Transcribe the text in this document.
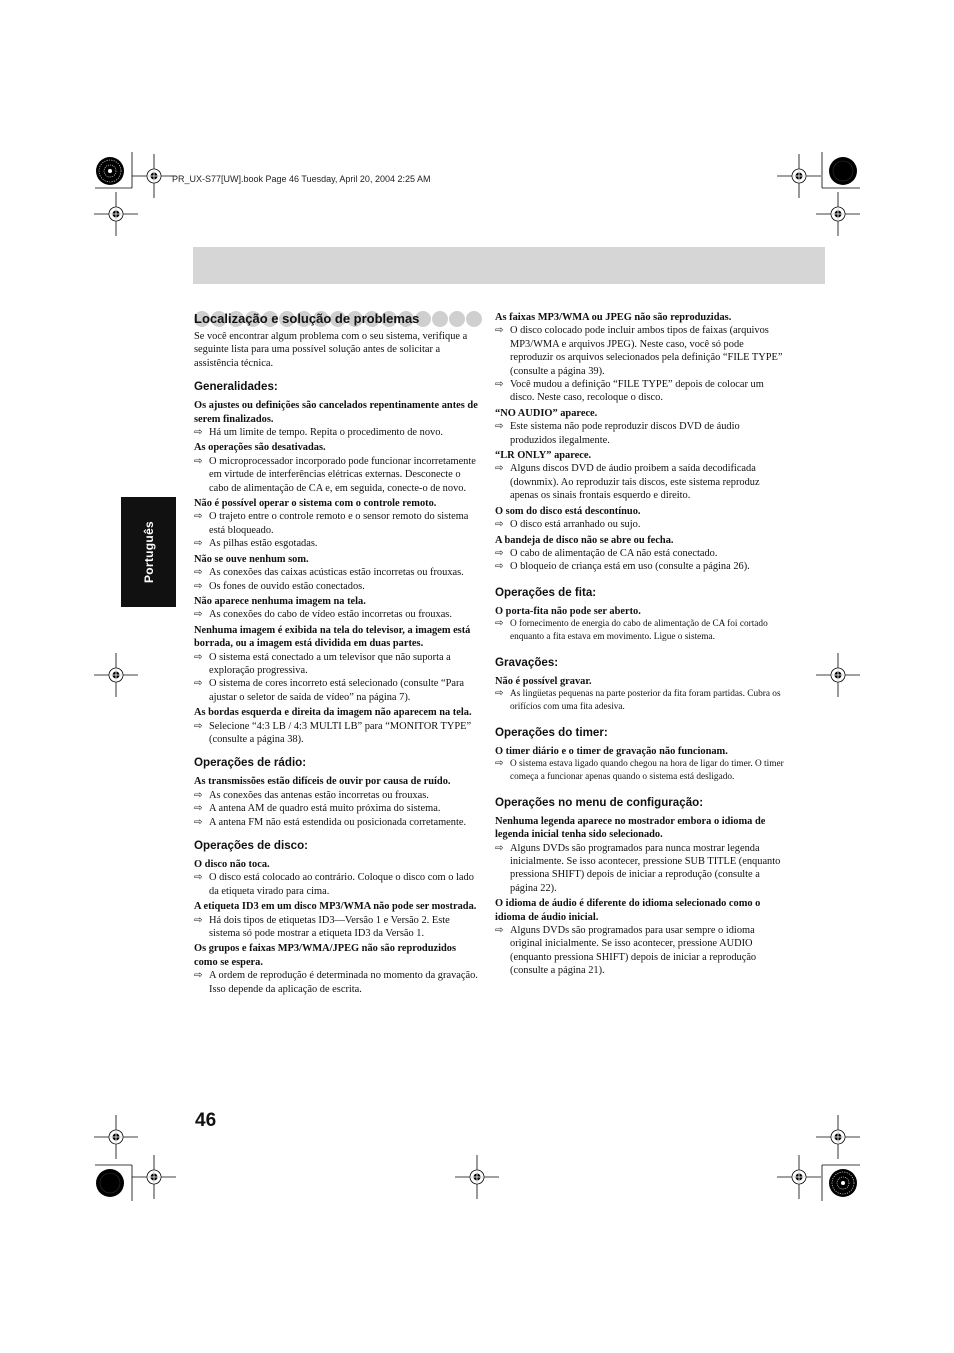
PR_UX-S77[UW].book Page 46 Tuesday, April 20, 2004 2:25 AM
Português
Localização e solução de problemas
Se você encontrar algum problema com o seu sistema, verifique a seguinte lista para uma possível solução antes de solicitar a assistência técnica.
Generalidades:
Os ajustes ou definições são cancelados repentinamente antes de serem finalizados.
⇨ Há um limite de tempo. Repita o procedimento de novo.
As operações são desativadas.
⇨ O microprocessador incorporado pode funcionar incorretamente em virtude de interferências elétricas externas. Desconecte o cabo de alimentação de CA e, em seguida, conecte-o de novo.
Não é possível operar o sistema com o controle remoto.
⇨ O trajeto entre o controle remoto e o sensor remoto do sistema está bloqueado.
⇨ As pilhas estão esgotadas.
Não se ouve nenhum som.
⇨ As conexões das caixas acústicas estão incorretas ou frouxas.
⇨ Os fones de ouvido estão conectados.
Não aparece nenhuma imagem na tela.
⇨ As conexões do cabo de vídeo estão incorretas ou frouxas.
Nenhuma imagem é exibida na tela do televisor, a imagem está borrada, ou a imagem está dividida em duas partes.
⇨ O sistema está conectado a um televisor que não suporta a exploração progressiva.
⇨ O sistema de cores incorreto está selecionado (consulte “Para ajustar o seletor de saída de vídeo” na página 7).
As bordas esquerda e direita da imagem não aparecem na tela.
⇨ Selecione “4:3 LB / 4:3 MULTI LB” para “MONITOR TYPE” (consulte a página 38).
Operações de rádio:
As transmissões estão difíceis de ouvir por causa de ruído.
⇨ As conexões das antenas estão incorretas ou frouxas.
⇨ A antena AM de quadro está muito próxima do sistema.
⇨ A antena FM não está estendida ou posicionada corretamente.
Operações de disco:
O disco não toca.
⇨ O disco está colocado ao contrário. Coloque o disco com o lado da etiqueta virado para cima.
A etiqueta ID3 em um disco MP3/WMA não pode ser mostrada.
⇨ Há dois tipos de etiquetas ID3—Versão 1 e Versão 2. Este sistema só pode mostrar a etiqueta ID3 da Versão 1.
Os grupos e faixas MP3/WMA/JPEG não são reproduzidos como se espera.
⇨ A ordem de reprodução é determinada no momento da gravação. Isso depende da aplicação de escrita.
As faixas MP3/WMA ou JPEG não são reproduzidas.
⇨ O disco colocado pode incluir ambos tipos de faixas (arquivos MP3/WMA e arquivos JPEG). Neste caso, você só pode reproduzir os arquivos selecionados pela definição “FILE TYPE” (consulte a página 39).
⇨ Você mudou a definição “FILE TYPE” depois de colocar um disco. Neste caso, recoloque o disco.
“NO AUDIO” aparece.
⇨ Este sistema não pode reproduzir discos DVD de áudio produzidos ilegalmente.
“LR ONLY” aparece.
⇨ Alguns discos DVD de áudio proibem a saída decodificada (downmix). Ao reproduzir tais discos, este sistema reproduz apenas os sinais frontais esquerdo e direito.
O som do disco está descontínuo.
⇨ O disco está arranhado ou sujo.
A bandeja de disco não se abre ou fecha.
⇨ O cabo de alimentação de CA não está conectado.
⇨ O bloqueio de criança está em uso (consulte a página 26).
Operações de fita:
O porta-fita não pode ser aberto.
⇨ O fornecimento de energia do cabo de alimentação de CA foi cortado enquanto a fita estava em movimento. Ligue o sistema.
Gravações:
Não é possível gravar.
⇨ As lingüetas pequenas na parte posterior da fita foram partidas. Cubra os orifícios com uma fita adesiva.
Operações do timer:
O timer diário e o timer de gravação não funcionam.
⇨ O sistema estava ligado quando chegou na hora de ligar do timer. O timer começa a funcionar apenas quando o sistema está desligado.
Operações no menu de configuração:
Nenhuma legenda aparece no mostrador embora o idioma de legenda inicial tenha sido selecionado.
⇨ Alguns DVDs são programados para nunca mostrar legenda inicialmente. Se isso acontecer, pressione SUB TITLE (enquanto pressiona SHIFT) depois de iniciar a reprodução (consulte a página 22).
O idioma de áudio é diferente do idioma selecionado como o idioma de áudio inicial.
⇨ Alguns DVDs são programados para usar sempre o idioma original inicialmente. Se isso acontecer, pressione AUDIO (enquanto pressiona SHIFT) depois de iniciar a reprodução (consulte a página 21).
46
